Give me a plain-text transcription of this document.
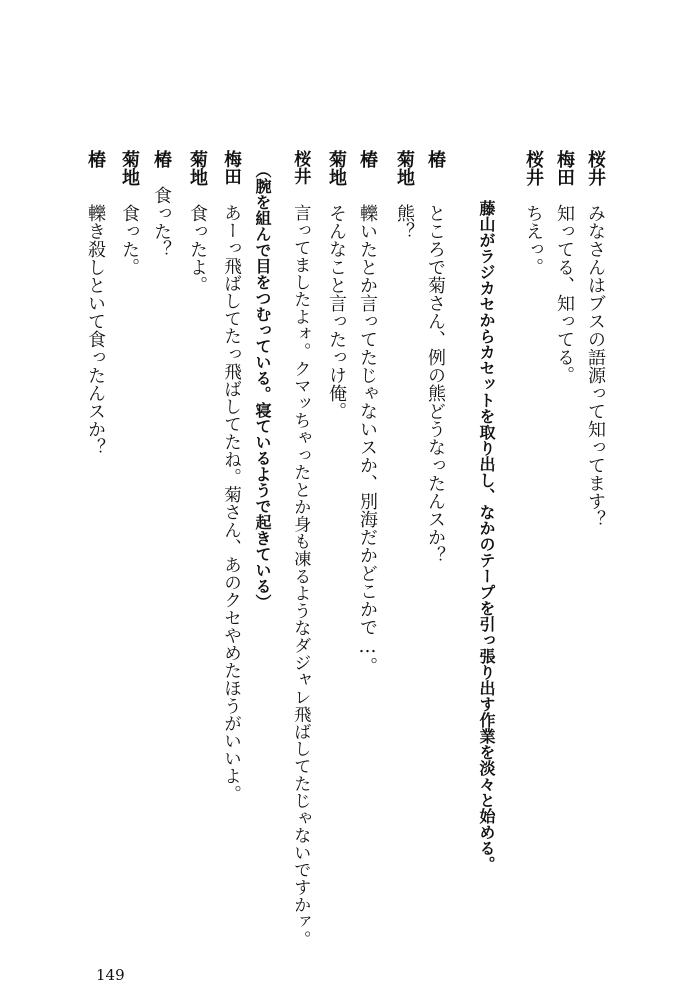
桜井みなさんはブスの語源って知ってます？
梅田知ってる、知ってる。
桜井ちえっ。
藤山がラジカセからカセットを取り出し、なかのテープを引っ張り出す作業を淡々と始める。
椿ところで菊さん、例の熊どうなったんスか？
菊地熊？
椿轢いたとか言ってたじゃないスか、別海だかどこかで…。
菊地そんなこと言ったっけ俺。
桜井言ってましたよォ。クマッちゃったとか身も凍るようなダジャレ飛ばしてたじゃないですかァ。
（腕を組んで目をつむっている。寝ているようで起きている）
梅田あーっ飛ばしてたっ飛ばしてたね。菊さん、あのクセやめたほうがいいよ。
菊地食ったよ。
椿食った？
菊地食った。
椿轢き殺しといて食ったんスか？
149
